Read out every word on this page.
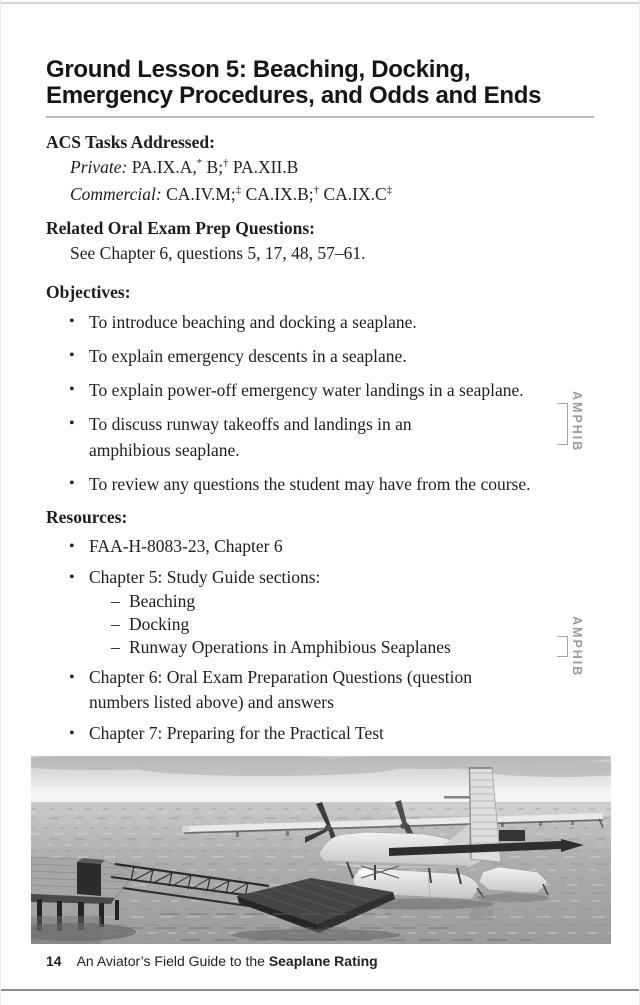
Ground Lesson 5: Beaching, Docking,
Emergency Procedures, and Odds and Ends
ACS Tasks Addressed:
Private: PA.IX.A,* B;† PA.XII.B
Commercial: CA.IV.M;‡ CA.IX.B;† CA.IX.C‡
Related Oral Exam Prep Questions:
See Chapter 6, questions 5, 17, 48, 57–61.
Objectives:
• To introduce beaching and docking a seaplane.
• To explain emergency descents in a seaplane.
• To explain power-off emergency water landings in a seaplane.
• To discuss runway takeoffs and landings in an amphibious seaplane.
• To review any questions the student may have from the course.
Resources:
• FAA-H-8083-23, Chapter 6
• Chapter 5: Study Guide sections:
– Beaching
– Docking
– Runway Operations in Amphibious Seaplanes
• Chapter 6: Oral Exam Preparation Questions (question numbers listed above) and answers
• Chapter 7: Preparing for the Practical Test
AMPHIB
AMPHIB
14 An Aviator’s Field Guide to the Seaplane Rating
